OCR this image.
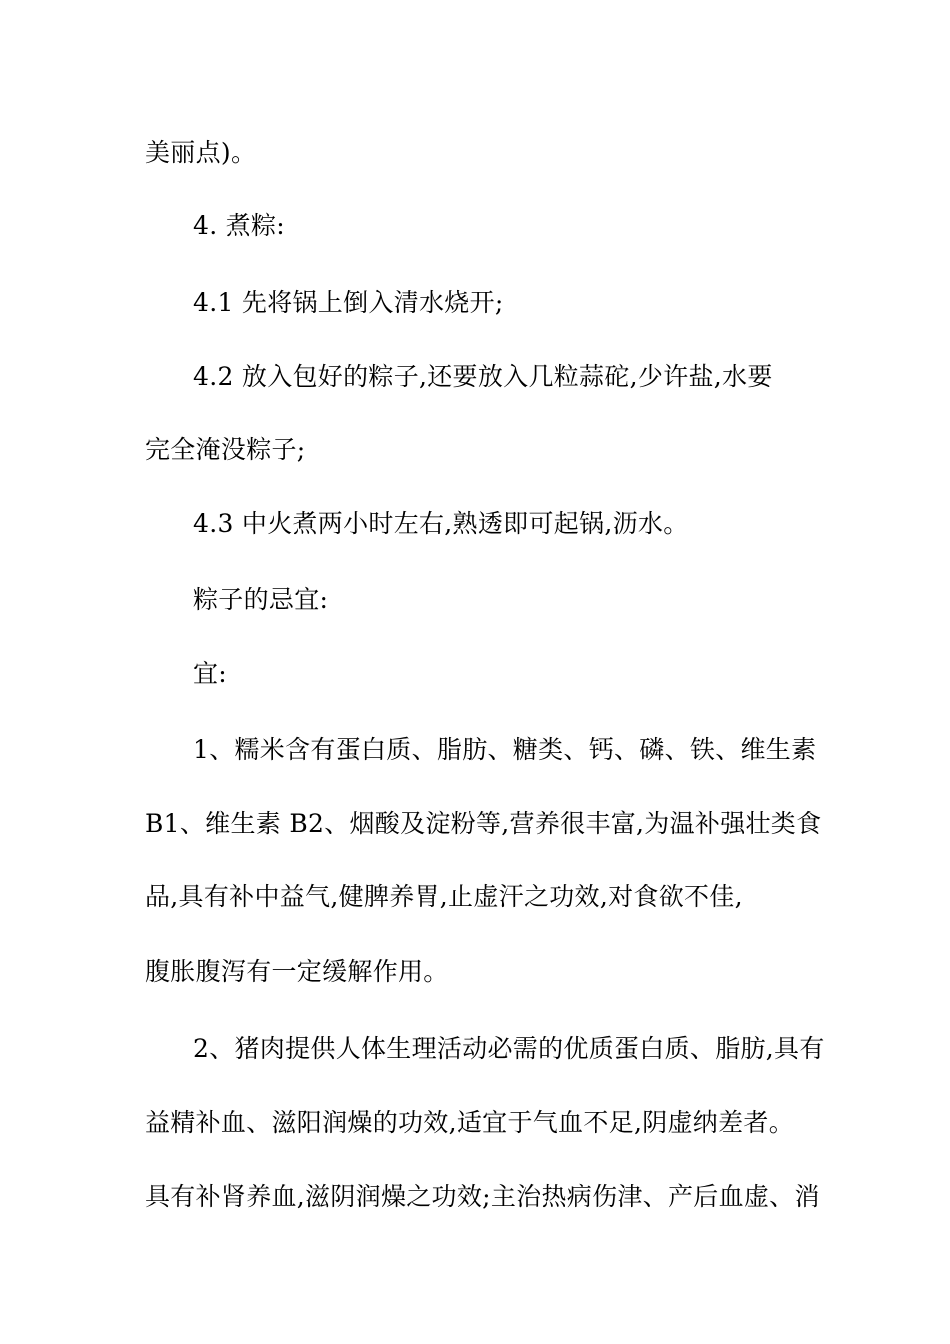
美丽点)。
4. 煮粽:
4.1 先将锅上倒入清水烧开;
4.2 放入包好的粽子,还要放入几粒蒜砣,少许盐,水要
完全淹没粽子;
4.3 中火煮两小时左右,熟透即可起锅,沥水。
粽子的忌宜:
宜:
1、糯米含有蛋白质、脂肪、糖类、钙、磷、铁、维生素
B1、维生素 B2、烟酸及淀粉等,营养很丰富,为温补强壮类食
品,具有补中益气,健脾养胃,止虚汗之功效,对食欲不佳,
腹胀腹泻有一定缓解作用。
2、猪肉提供人体生理活动必需的优质蛋白质、脂肪,具有
益精补血、滋阳润燥的功效,适宜于气血不足,阴虚纳差者。
具有补肾养血,滋阴润燥之功效;主治热病伤津、产后血虚、消
